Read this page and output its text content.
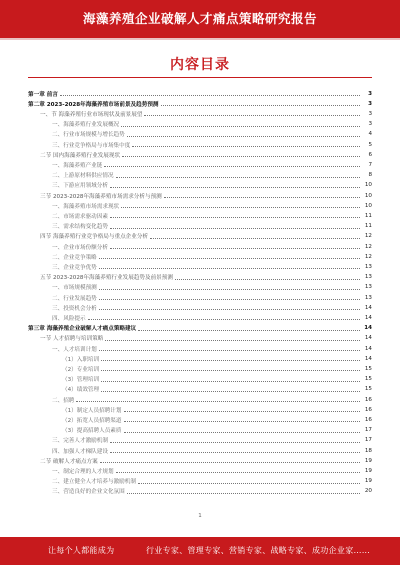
海藻养殖企业破解人才痛点策略研究报告
内容目录
第一章 前言	3
第二章 2023-2028年海藻养殖市场前景及趋势预测	3
一、节 海藻养殖行业市场现状及前景展望	3
一、海藻养殖行业发展概况	3
二、行业市场规模与增长趋势	4
三、行业竞争格局与市场集中度	5
二节 国内海藻养殖行业发展现状	6
一、海藻养殖产业链	7
二、上游原材料供应情况	8
三、下游应用领域分析	10
三节 2023-2028年海藻养殖市场需求分析与预测	10
一、海藻养殖市场需求现状	10
二、市场需求驱动因素	11
三、需求结构变化趋势	11
四节 海藻养殖行业竞争格局与重点企业分析	12
一、企业市场份额分析	12
二、企业竞争策略	12
三、企业竞争优势	13
五节 2023-2028年海藻养殖行业发展趋势及前景预测	13
一、市场规模预测	13
二、行业发展趋势	13
三、投资机会分析	14
四、风险提示	14
第三章 海藻养殖企业破解人才痛点策略建议	14
一节 人才招聘与培训策略	14
一、人才培训计划	14
（1）入职培训	14
（2）专业培训	15
（3）管理培训	15
（4）绩效管理	15
二、招聘	16
（1）制定人员招聘计划	16
（2）拓宽人员招聘渠道	16
（3）提高招聘人员素质	17
三、完善人才激励机制	17
四、加强人才梯队建设	18
二节 破解人才痛点方案	19
一、制定合理的人才规划	19
二、建立健全人才培养与激励机制	19
三、营造良好的企业文化氛围	20
1
让每个人都能成为	行业专家、管理专家、营销专家、战略专家、成功企业家……
